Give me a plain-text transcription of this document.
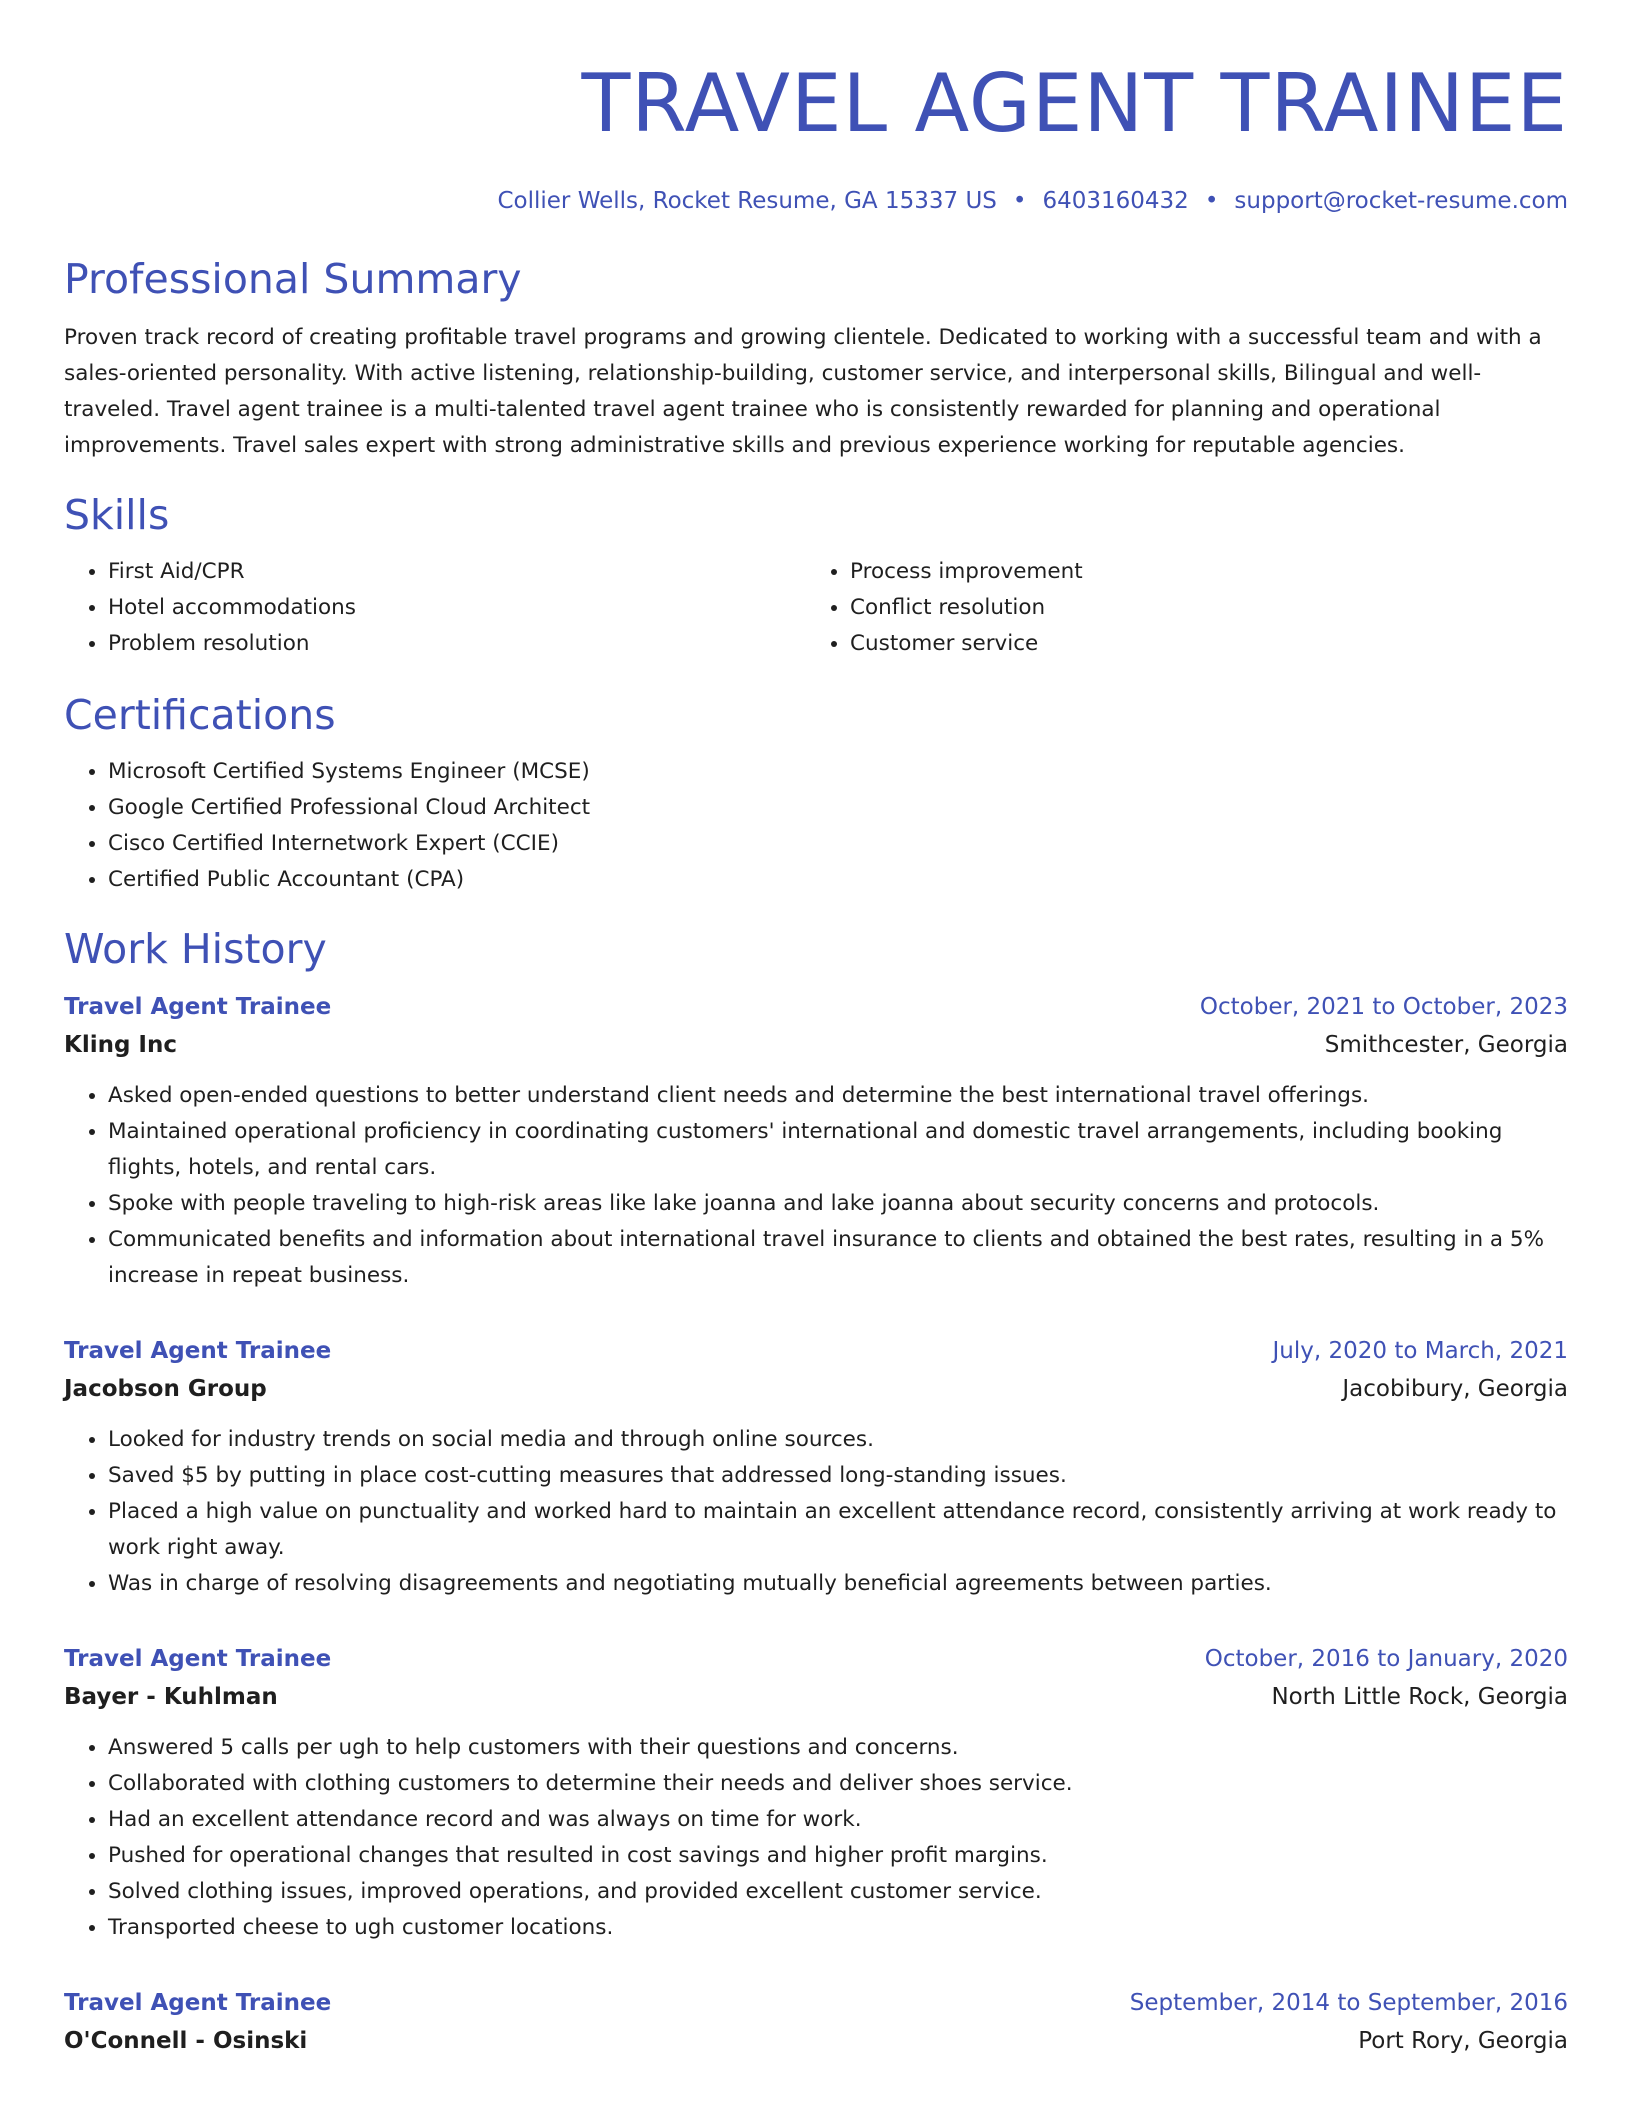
TRAVEL AGENT TRAINEE
Collier Wells, Rocket Resume, GA 15337 US • 6403160432 • support@rocket-resume.com
Professional Summary
Proven track record of creating profitable travel programs and growing clientele. Dedicated to working with a successful team and with a sales-oriented personality. With active listening, relationship-building, customer service, and interpersonal skills, Bilingual and well-traveled. Travel agent trainee is a multi-talented travel agent trainee who is consistently rewarded for planning and operational improvements. Travel sales expert with strong administrative skills and previous experience working for reputable agencies.
Skills
• First Aid/CPR
• Hotel accommodations
• Problem resolution
• Process improvement
• Conflict resolution
• Customer service
Certifications
• Microsoft Certified Systems Engineer (MCSE)
• Google Certified Professional Cloud Architect
• Cisco Certified Internetwork Expert (CCIE)
• Certified Public Accountant (CPA)
Work History
Travel Agent Trainee	October, 2021 to October, 2023
Kling Inc	Smithcester, Georgia
• Asked open-ended questions to better understand client needs and determine the best international travel offerings.
• Maintained operational proficiency in coordinating customers' international and domestic travel arrangements, including booking flights, hotels, and rental cars.
• Spoke with people traveling to high-risk areas like lake joanna and lake joanna about security concerns and protocols.
• Communicated benefits and information about international travel insurance to clients and obtained the best rates, resulting in a 5% increase in repeat business.
Travel Agent Trainee	July, 2020 to March, 2021
Jacobson Group	Jacobibury, Georgia
• Looked for industry trends on social media and through online sources.
• Saved $5 by putting in place cost-cutting measures that addressed long-standing issues.
• Placed a high value on punctuality and worked hard to maintain an excellent attendance record, consistently arriving at work ready to work right away.
• Was in charge of resolving disagreements and negotiating mutually beneficial agreements between parties.
Travel Agent Trainee	October, 2016 to January, 2020
Bayer - Kuhlman	North Little Rock, Georgia
• Answered 5 calls per ugh to help customers with their questions and concerns.
• Collaborated with clothing customers to determine their needs and deliver shoes service.
• Had an excellent attendance record and was always on time for work.
• Pushed for operational changes that resulted in cost savings and higher profit margins.
• Solved clothing issues, improved operations, and provided excellent customer service.
• Transported cheese to ugh customer locations.
Travel Agent Trainee	September, 2014 to September, 2016
O'Connell - Osinski	Port Rory, Georgia
